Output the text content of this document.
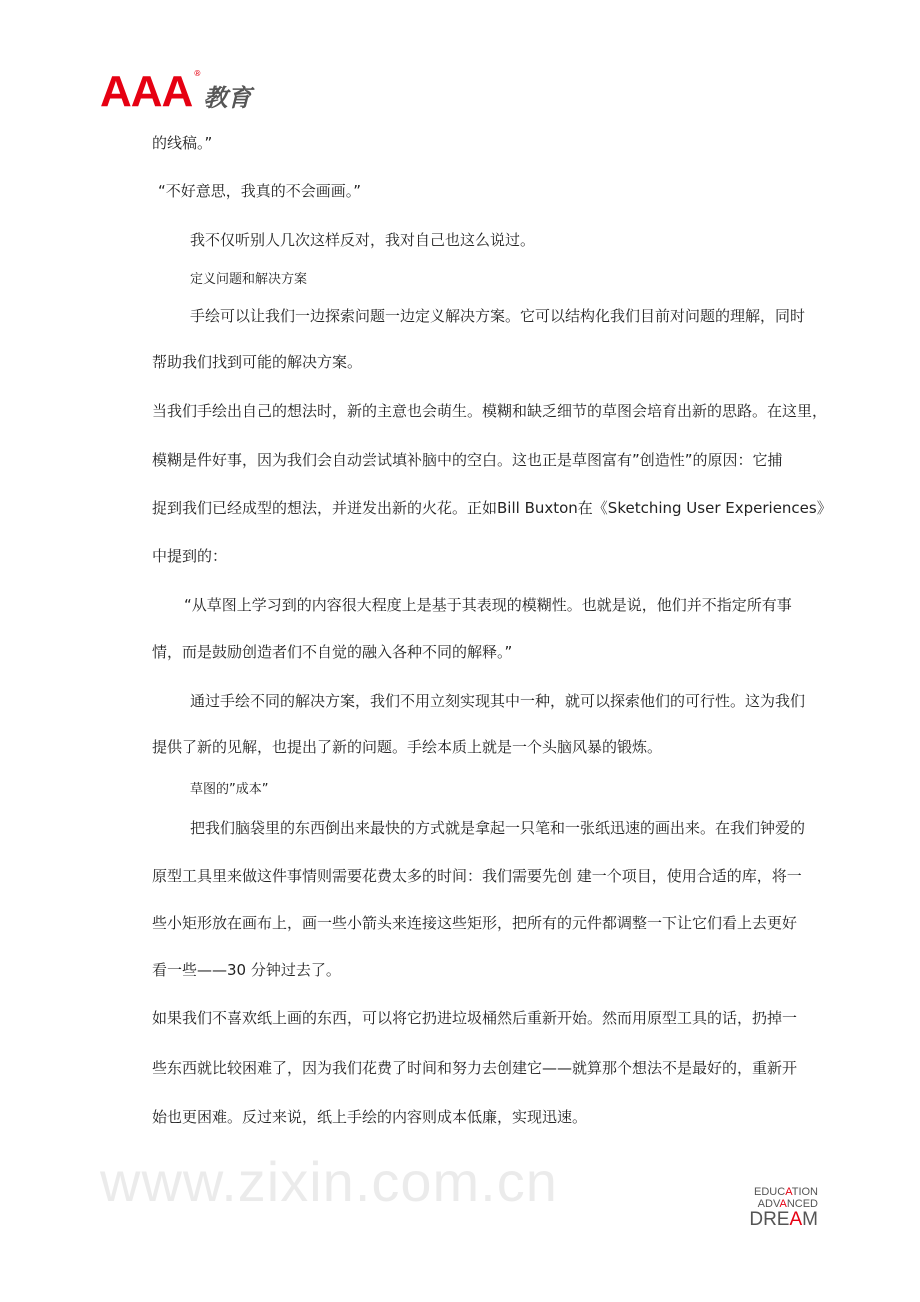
AAA ®
教育
www.zixin.com.cn
的线稿。”
“不好意思，我真的不会画画。”
我不仅听别人几次这样反对，我对自己也这么说过。
定义问题和解决方案
手绘可以让我们一边探索问题一边定义解决方案。它可以结构化我们目前对问题的理解，同时
帮助我们找到可能的解决方案。
当我们手绘出自己的想法时，新的主意也会萌生。模糊和缺乏细节的草图会培育出新的思路。在这里，
模糊是件好事，因为我们会自动尝试填补脑中的空白。这也正是草图富有”创造性”的原因：它捕
捉到我们已经成型的想法，并迸发出新的火花。正如Bill Buxton在《Sketching User Experiences》
中提到的：
“从草图上学习到的内容很大程度上是基于其表现的模糊性。也就是说，他们并不指定所有事
情，而是鼓励创造者们不自觉的融入各种不同的解释。”
通过手绘不同的解决方案，我们不用立刻实现其中一种，就可以探索他们的可行性。这为我们
提供了新的见解，也提出了新的问题。手绘本质上就是一个头脑风暴的锻炼。
草图的”成本”
把我们脑袋里的东西倒出来最快的方式就是拿起一只笔和一张纸迅速的画出来。在我们钟爱的
原型工具里来做这件事情则需要花费太多的时间：我们需要先创 建一个项目，使用合适的库，将一
些小矩形放在画布上，画一些小箭头来连接这些矩形，把所有的元件都调整一下让它们看上去更好
看一些——30 分钟过去了。
如果我们不喜欢纸上画的东西，可以将它扔进垃圾桶然后重新开始。然而用原型工具的话，扔掉一
些东西就比较困难了，因为我们花费了时间和努力去创建它——就算那个想法不是最好的，重新开
始也更困难。反过来说，纸上手绘的内容则成本低廉，实现迅速。
EDUCATION
ADVANCED
DREAM
